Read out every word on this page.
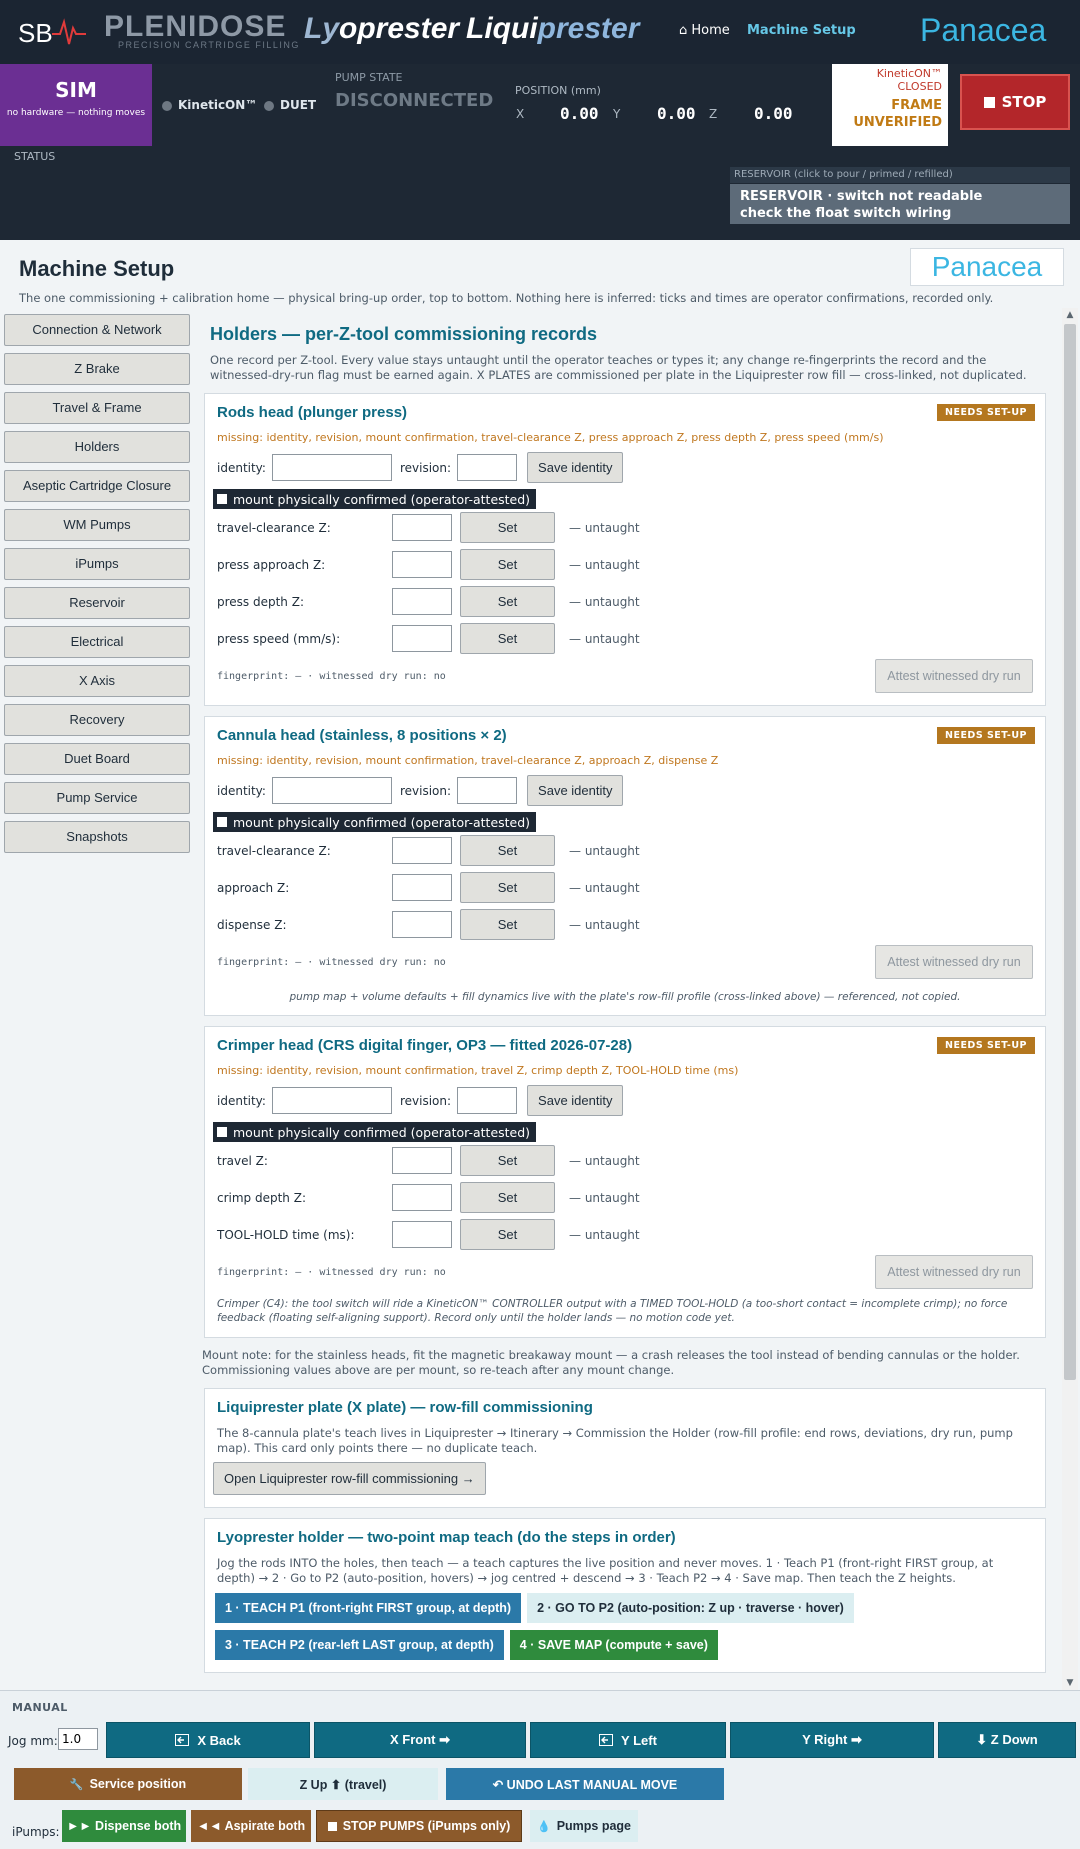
SB PLENIDOSE
PRECISION CARTRIDGE FILLING Lyoprester Liquiprester	⌂ Home Machine Setup Panacea
SIM
no hardware — nothing moves
KineticON™ DUET
PUMP STATE
DISCONNECTED POSITION (mm)
X 0.00 Y 0.00 Z 0.00
KineticON™ CLOSED
FRAME
UNVERIFIED
STOP
STATUS
RESERVOIR (click to pour / primed / refilled)
RESERVOIR · switch not readable
check the float switch wiring
Machine Setup	Panacea
The one commissioning + calibration home — physical bring-up order, top to bottom. Nothing here is inferred: ticks and times are operator confirmations, recorded only.
Connection & Network
Z Brake
Travel & Frame
Holders
Aseptic Cartridge Closure
WM Pumps
iPumps
Reservoir
Electrical
X Axis
Recovery
Duet Board
Pump Service
Snapshots
Holders — per-Z-tool commissioning records
One record per Z-tool. Every value stays untaught until the operator teaches or types it; any change re-fingerprints the record and the witnessed-dry-run flag must be earned again. X PLATES are commissioned per plate in the Liquiprester row fill — cross-linked, not duplicated.
Rods head (plunger press)	NEEDS SET-UP
missing: identity, revision, mount confirmation, travel-clearance Z, press approach Z, press depth Z, press speed (mm/s)
identity:	revision:	Save identity
mount physically confirmed (operator-attested)
travel-clearance Z:	Set	— untaught
press approach Z:	Set	— untaught
press depth Z:	Set	— untaught
press speed (mm/s):	Set	— untaught
fingerprint: — · witnessed dry run: no	Attest witnessed dry run
Cannula head (stainless, 8 positions × 2)	NEEDS SET-UP
missing: identity, revision, mount confirmation, travel-clearance Z, approach Z, dispense Z
identity:	revision:	Save identity
mount physically confirmed (operator-attested)
travel-clearance Z:	Set	— untaught
approach Z:	Set	— untaught
dispense Z:	Set	— untaught
fingerprint: — · witnessed dry run: no	Attest witnessed dry run
pump map + volume defaults + fill dynamics live with the plate's row-fill profile (cross-linked above) — referenced, not copied.
Crimper head (CRS digital finger, OP3 — fitted 2026-07-28)	NEEDS SET-UP
missing: identity, revision, mount confirmation, travel Z, crimp depth Z, TOOL-HOLD time (ms)
identity:	revision:	Save identity
mount physically confirmed (operator-attested)
travel Z:	Set	— untaught
crimp depth Z:	Set	— untaught
TOOL-HOLD time (ms):	Set	— untaught
fingerprint: — · witnessed dry run: no	Attest witnessed dry run
Crimper (C4): the tool switch will ride a KineticON™ CONTROLLER output with a TIMED TOOL-HOLD (a too-short contact = incomplete crimp); no force feedback (floating self-aligning support). Record only until the holder lands — no motion code yet.
Mount note: for the stainless heads, fit the magnetic breakaway mount — a crash releases the tool instead of bending cannulas or the holder. Commissioning values above are per mount, so re-teach after any mount change.
Liquiprester plate (X plate) — row-fill commissioning
The 8-cannula plate's teach lives in Liquiprester → Itinerary → Commission the Holder (row-fill profile: end rows, deviations, dry run, pump map). This card only points there — no duplicate teach.
Open Liquiprester row-fill commissioning →
Lyoprester holder — two-point map teach (do the steps in order)
Jog the rods INTO the holes, then teach — a teach captures the live position and never moves. 1 · Teach P1 (front-right FIRST group, at depth) → 2 · Go to P2 (auto-position, hovers) → jog centred + descend → 3 · Teach P2 → 4 · Save map. Then teach the Z heights.
1 · TEACH P1 (front-right FIRST group, at depth)	2 · GO TO P2 (auto-position: Z up · traverse · hover)
3 · TEACH P2 (rear-left LAST group, at depth)	4 · SAVE MAP (compute + save)
▲
▼
MANUAL
Jog mm:
1.0	X Back	X Front ➡	Y Left	Y Right ➡	⬇ Z Down
🔧 Service position	Z Up ⬆ (travel)	↶ UNDO LAST MANUAL MOVE
iPumps: ►► Dispense both	◄◄ Aspirate both	STOP PUMPS (iPumps only) 💧 Pumps page
